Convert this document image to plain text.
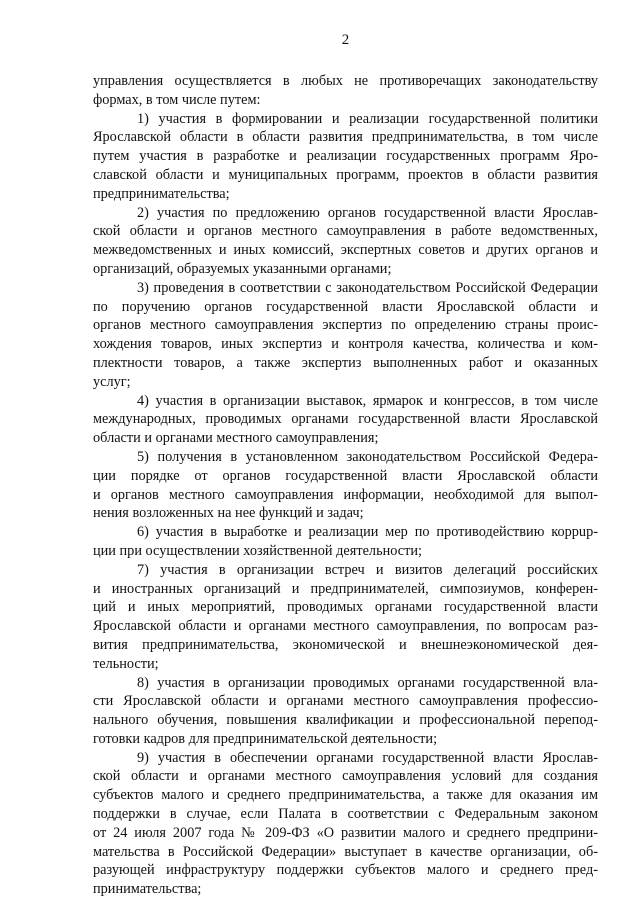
2

управления осуществляется в любых не противоречащих законодательству

формах, в том числе путем:

1) участия в формировании и реализации государственной политики

Ярославской области в области развития предпринимательства, в том числе

путем участия в разработке и реализации государственных программ Яро-

славской области и муниципальных программ, проектов в области развития

предпринимательства;

2) участия по предложению органов государственной власти Ярослав-

ской области и органов местного самоуправления в работе ведомственных,

межведомственных и иных комиссий, экспертных советов и других органов и

организаций, образуемых указанными органами;

3) проведения в соответствии с законодательством Российской Федерации

по поручению органов государственной власти Ярославской области и

органов местного самоуправления экспертиз по определению страны проис-

хождения товаров, иных экспертиз и контроля качества, количества и ком-

плектности товаров, а также экспертиз выполненных работ и оказанных

услуг;

4) участия в организации выставок, ярмарок и конгрессов, в том числе

международных, проводимых органами государственной власти Ярославской

области и органами местного самоуправления;

5) получения в установленном законодательством Российской Федера-

ции порядке от органов государственной власти Ярославской области

и органов местного самоуправления информации, необходимой для выпол-

нения возложенных на нее функций и задач;

6) участия в выработке и реализации мер по противодействию коррup-

ции при осуществлении хозяйственной деятельности;

7) участия в организации встреч и визитов делегаций российских

и иностранных организаций и предпринимателей, симпозиумов, конферен-

ций и иных мероприятий, проводимых органами государственной власти

Ярославской области и органами местного самоуправления, по вопросам раз-

вития предпринимательства, экономической и внешнеэкономической дея-

тельности;

8) участия в организации проводимых органами государственной вла-

сти Ярославской области и органами местного самоуправления профессио-

нального обучения, повышения квалификации и профессиональной перепод-

готовки кадров для предпринимательской деятельности;

9) участия в обеспечении органами государственной власти Ярослав-

ской области и органами местного самоуправления условий для создания

субъектов малого и среднего предпринимательства, а также для оказания им

поддержки в случае, если Палата в соответствии с Федеральным законом

от 24 июля 2007 года № 209-ФЗ «О развитии малого и среднего предприни-

мательства в Российской Федерации» выступает в качестве организации, об-

разующей инфраструктуру поддержки субъектов малого и среднего пред-

принимательства;
